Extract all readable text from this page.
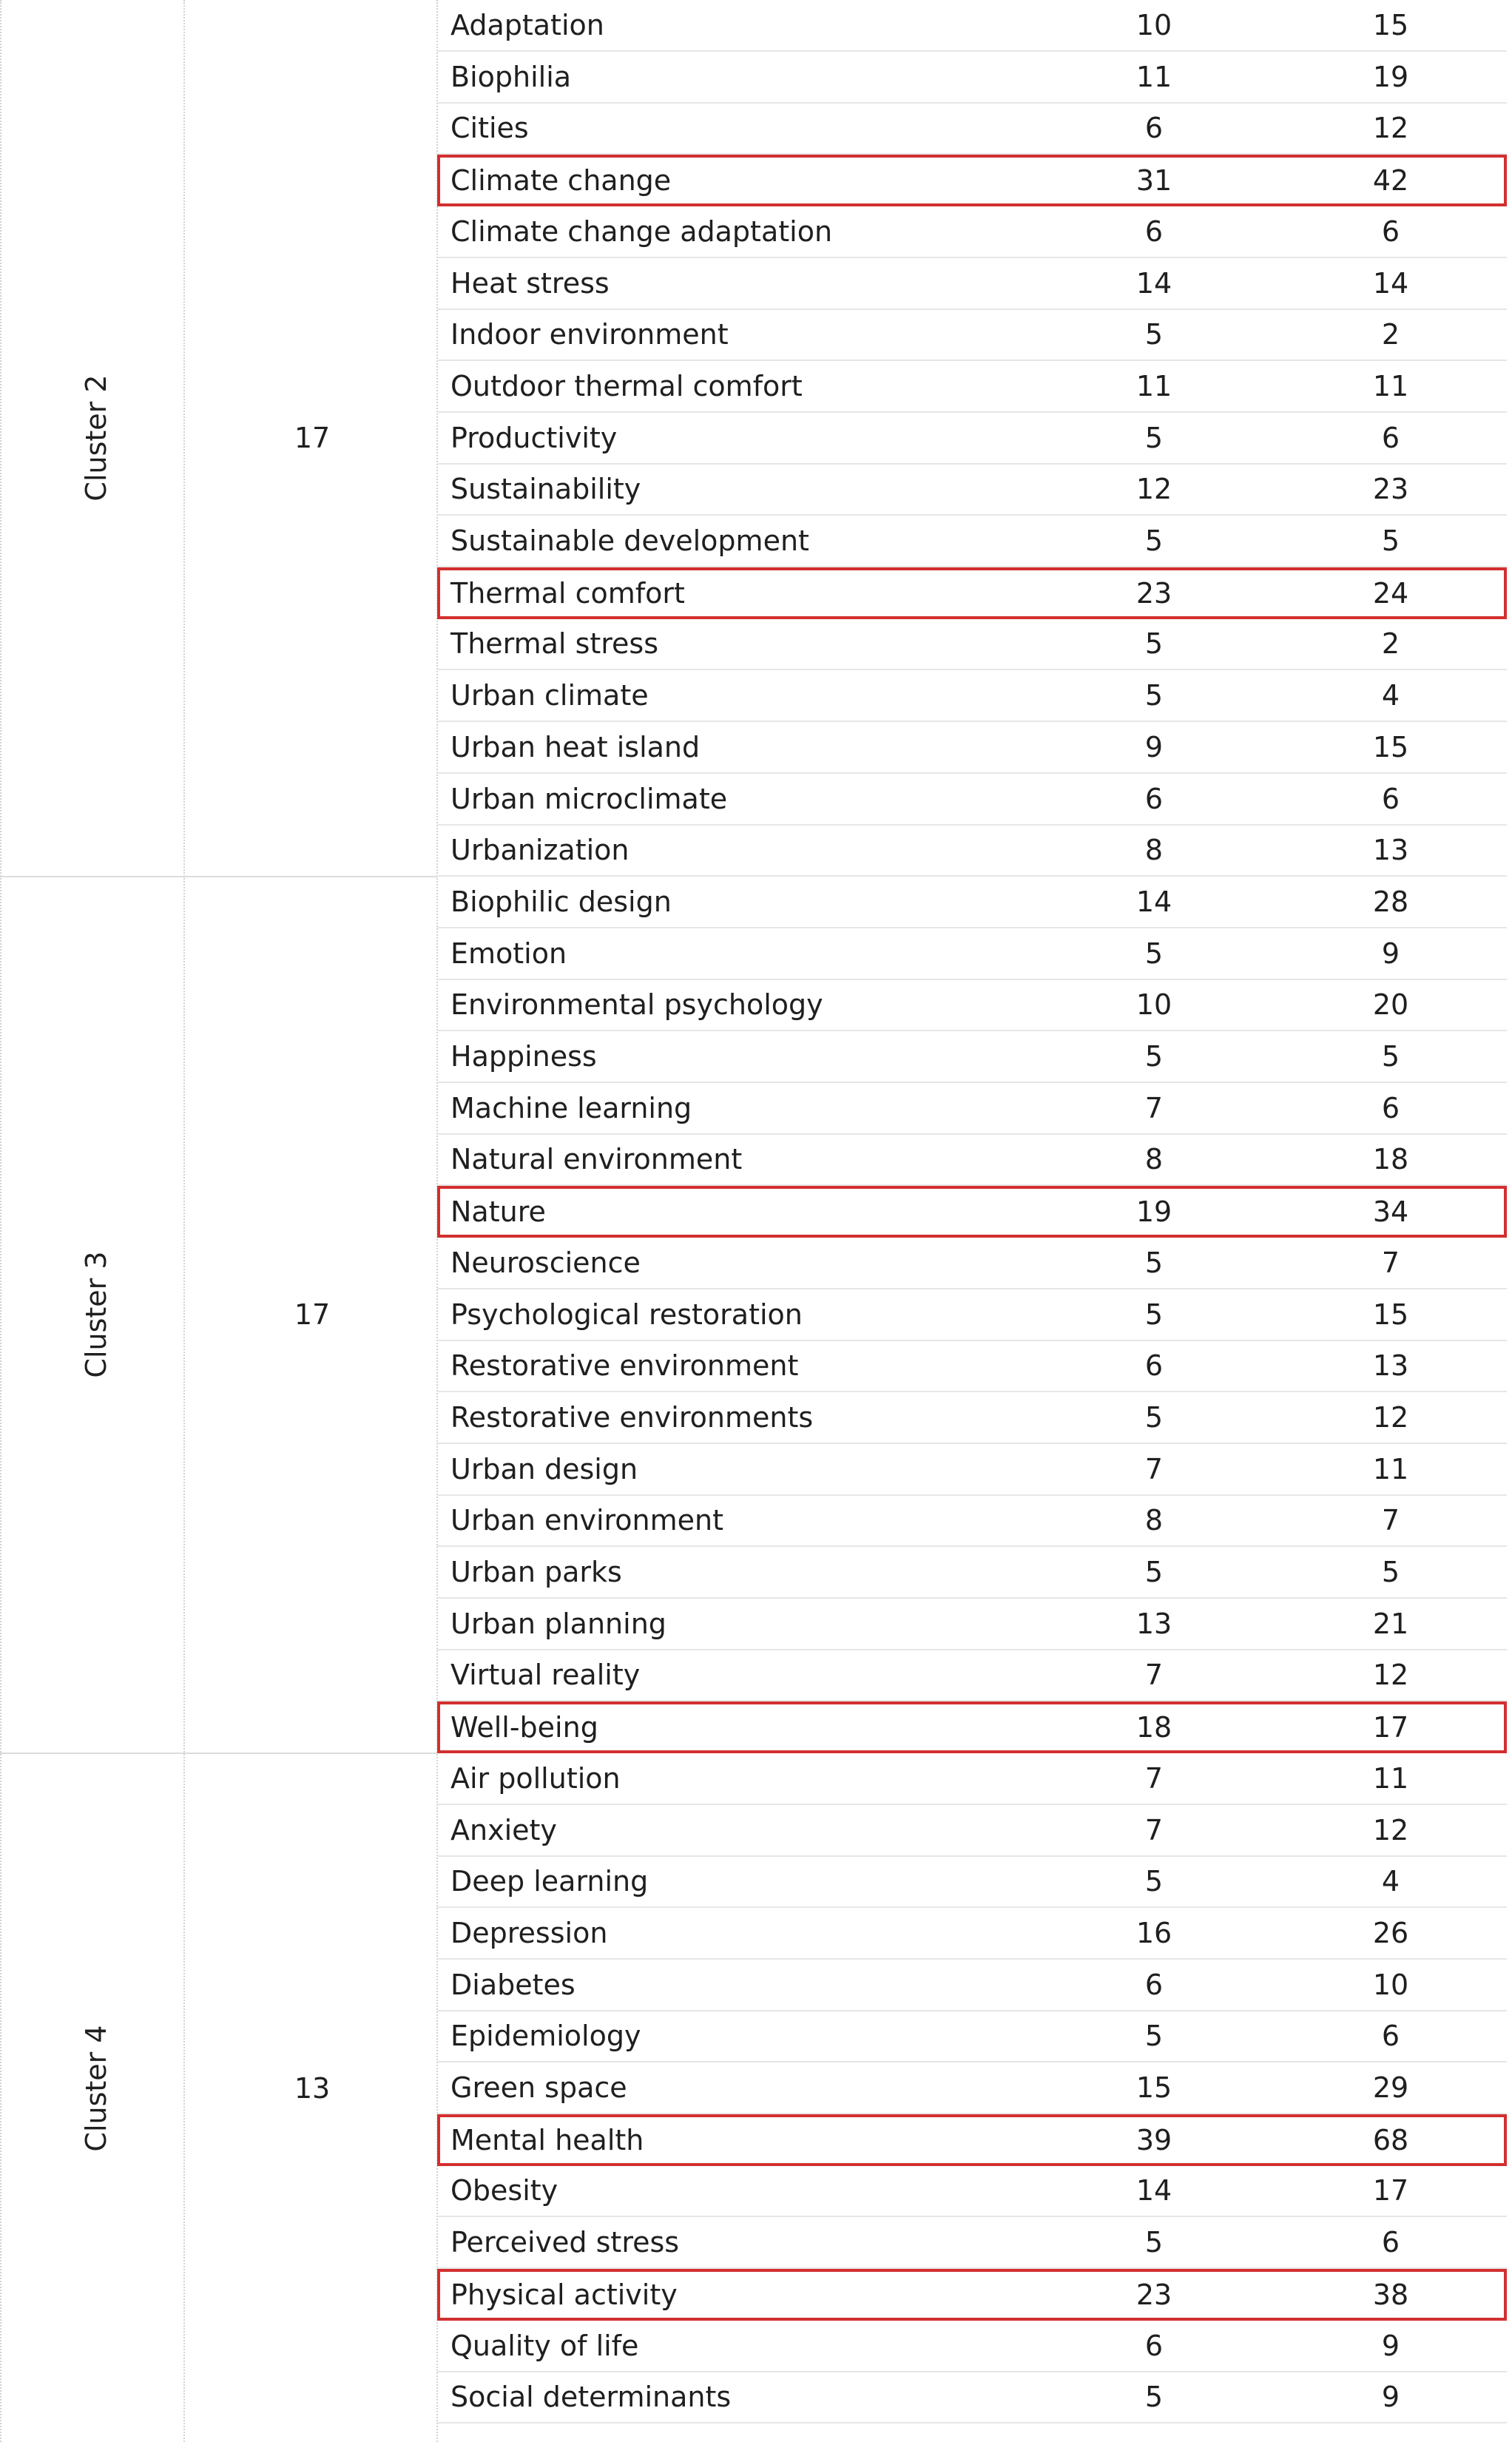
Adaptation	10	15
Biophilia	11	19
Cities	6	12
Climate change	31	42
Climate change adaptation	6	6
Heat stress	14	14
Indoor environment	5	2
Outdoor thermal comfort	11	11
Productivity	5	6
Sustainability	12	23
Sustainable development	5	5
Thermal comfort	23	24
Thermal stress	5	2
Urban climate	5	4
Urban heat island	9	15
Urban microclimate	6	6
Urbanization	8	13
Cluster 2	17
Biophilic design	14	28
Emotion	5	9
Environmental psychology	10	20
Happiness	5	5
Machine learning	7	6
Natural environment	8	18
Nature	19	34
Neuroscience	5	7
Psychological restoration	5	15
Restorative environment	6	13
Restorative environments	5	12
Urban design	7	11
Urban environment	8	7
Urban parks	5	5
Urban planning	13	21
Virtual reality	7	12
Well-being	18	17
Cluster 3	17
Air pollution	7	11
Anxiety	7	12
Deep learning	5	4
Depression	16	26
Diabetes	6	10
Epidemiology	5	6
Green space	15	29
Mental health	39	68
Obesity	14	17
Perceived stress	5	6
Physical activity	23	38
Quality of life	6	9
Social determinants	5	9
Cluster 4	13
